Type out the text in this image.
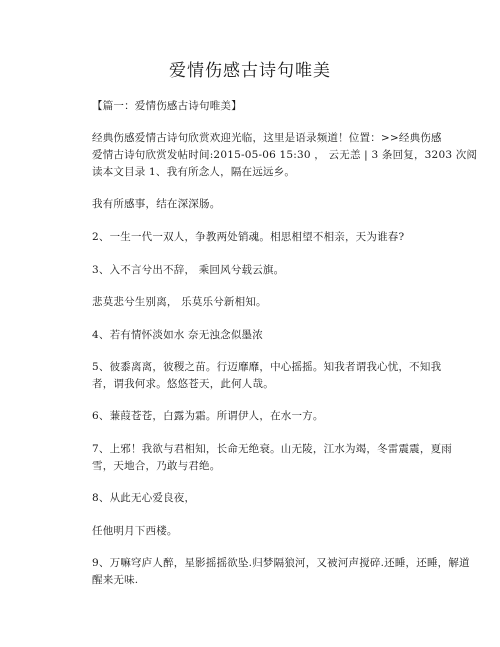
爱情伤感古诗句唯美
【篇一：爱情伤感古诗句唯美】
经典伤感爱情古诗句欣赏欢迎光临，这里是语录频道！位置：>>经典伤感
爱情古诗句欣赏发帖时间:2015-05-06 15:30 ， 云无恙 | 3 条回复，3203 次阅
读本文目录 1、我有所念人，隔在远远乡。
我有所感事，结在深深肠。
2、一生一代一双人，争教两处销魂。相思相望不相亲，天为谁春?
3、入不言兮出不辞， 乘回风兮载云旗。
悲莫悲兮生别离， 乐莫乐兮新相知。
4、若有情怀淡如水 奈无浊念似墨浓
5、彼黍离离，彼稷之苗。行迈靡靡，中心摇摇。知我者谓我心忧，不知我
者，谓我何求。悠悠苍天，此何人哉。
6、蒹葭苍苍，白露为霜。所谓伊人，在水一方。
7、上邪！我欲与君相知，长命无绝衰。山无陵，江水为竭，冬雷震震，夏雨
雪，天地合，乃敢与君绝。
8、从此无心爱良夜，
任他明月下西楼。
9、万嘛穹庐人醉，星影摇摇欲坠.归梦隔狼河，又被河声搅碎.还睡，还睡，解道
醒来无味.
